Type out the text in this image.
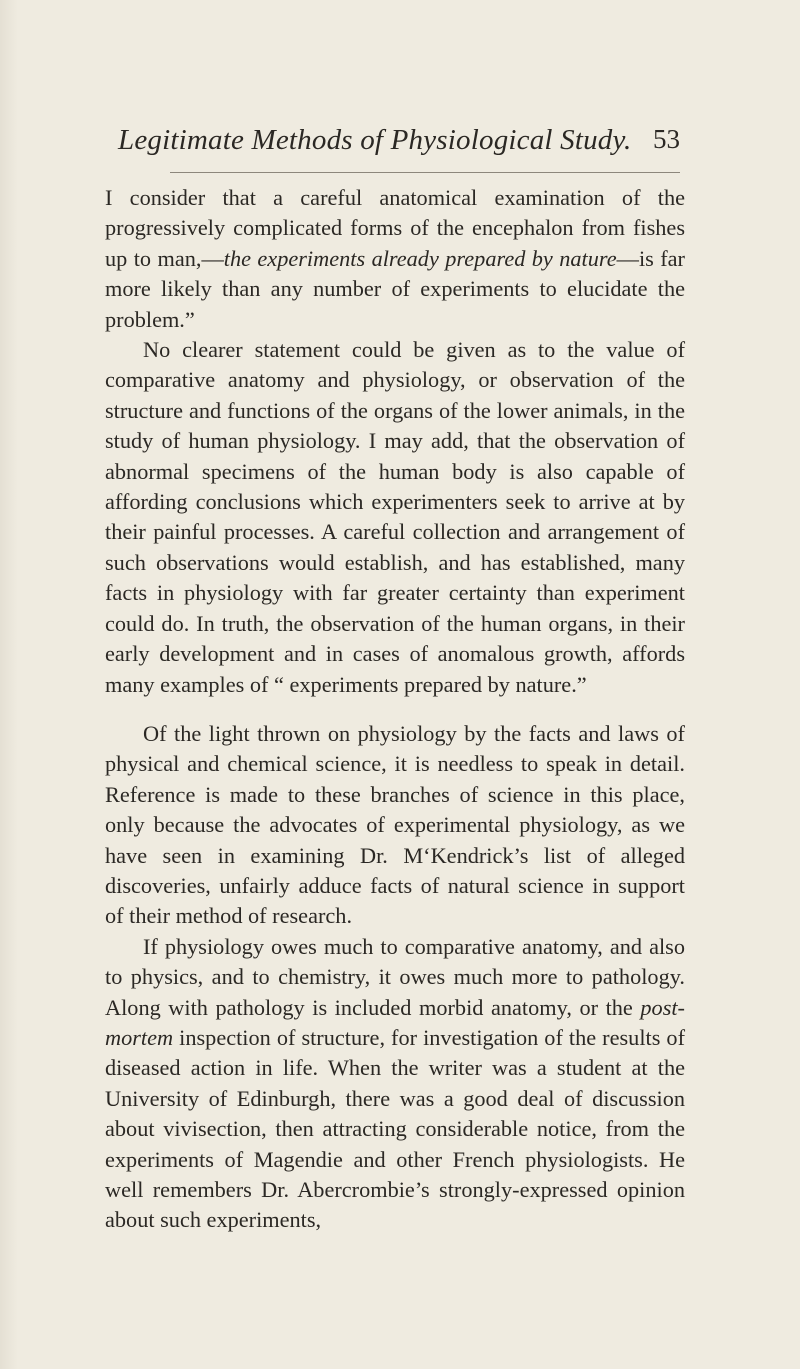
Legitimate Methods of Physiological Study. 53

I consider that a careful anatomical examination of the progressively complicated forms of the encephalon from fishes up to man,—the experiments already prepared by nature—is far more likely than any number of experiments to elucidate the problem.”

No clearer statement could be given as to the value of comparative anatomy and physiology, or observation of the structure and functions of the organs of the lower animals, in the study of human physiology. I may add, that the observation of abnormal specimens of the human body is also capable of affording conclusions which experimenters seek to arrive at by their painful processes. A careful collection and arrangement of such observations would establish, and has established, many facts in physiology with far greater certainty than experiment could do. In truth, the observation of the human organs, in their early development and in cases of anomalous growth, affords many examples of “ experiments prepared by nature.”

Of the light thrown on physiology by the facts and laws of physical and chemical science, it is needless to speak in detail. Reference is made to these branches of science in this place, only because the advocates of experimental physiology, as we have seen in examining Dr. M‘Kendrick’s list of alleged discoveries, unfairly adduce facts of natural science in support of their method of research.

If physiology owes much to comparative anatomy, and also to physics, and to chemistry, it owes much more to pathology. Along with pathology is included morbid anatomy, or the post-mortem inspection of structure, for investigation of the results of diseased action in life. When the writer was a student at the University of Edinburgh, there was a good deal of discussion about vivisection, then attracting considerable notice, from the experiments of Magendie and other French physiologists. He well remembers Dr. Abercrombie’s strongly-expressed opinion about such experiments,
